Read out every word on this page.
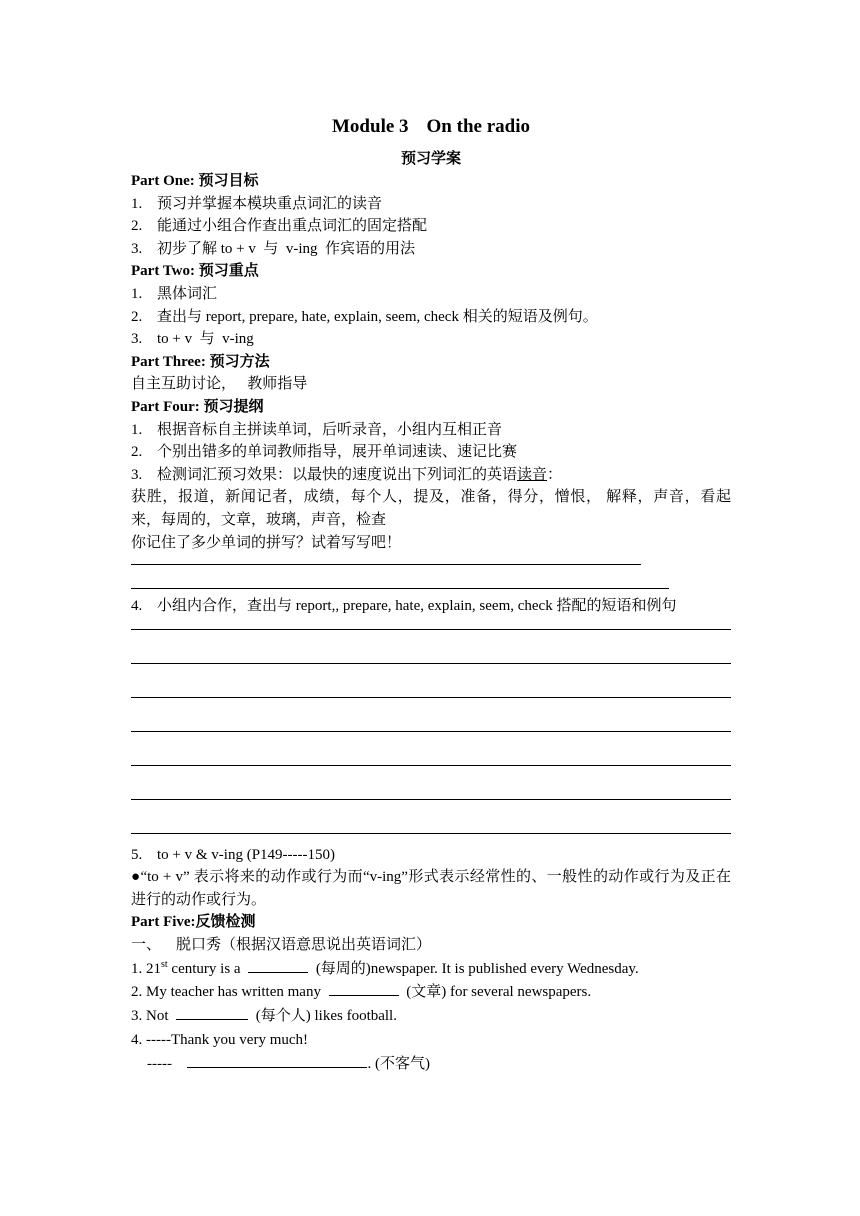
Module 3 On the radio
预习学案
Part One: 预习目标
1. 预习并掌握本模块重点词汇的读音
2. 能通过小组合作查出重点词汇的固定搭配
3. 初步了解 to + v  与  v-ing  作宾语的用法
Part Two: 预习重点
1. 黑体词汇
2. 查出与 report, prepare, hate, explain, seem, check 相关的短语及例句。
3. to + v  与  v-ing
Part Three: 预习方法
自主互助讨论，   教师指导
Part Four: 预习提纲
1. 根据音标自主拼读单词，后听录音，小组内互相正音
2. 个别出错多的单词教师指导，展开单词速读、速记比赛
3. 检测词汇预习效果：以最快的速度说出下列词汇的英语读音：
获胜，报道，新闻记者，成绩，每个人，提及，准备，得分，憎恨， 解释，声音，看起来，每周的，文章，玻璃，声音，检查
你记住了多少单词的拼写？试着写写吧！
4. 小组内合作，查出与 report,, prepare, hate, explain, seem, check 搭配的短语和例句
5. to + v & v-ing (P149-----150)
●“to + v” 表示将来的动作或行为而“v-ing”形式表示经常性的、一般性的动作或行为及正在进行的动作或行为。
Part Five:反馈检测
一、    脱口秀（根据汉语意思说出英语词汇）
1. 21st century is a	(每周的)newspaper. It is published every Wednesday.
2. My teacher has written many	(文章) for several newspapers.
3. Not	(每个人) likes football.
4. -----Thank you very much!
-----	. (不客气)
